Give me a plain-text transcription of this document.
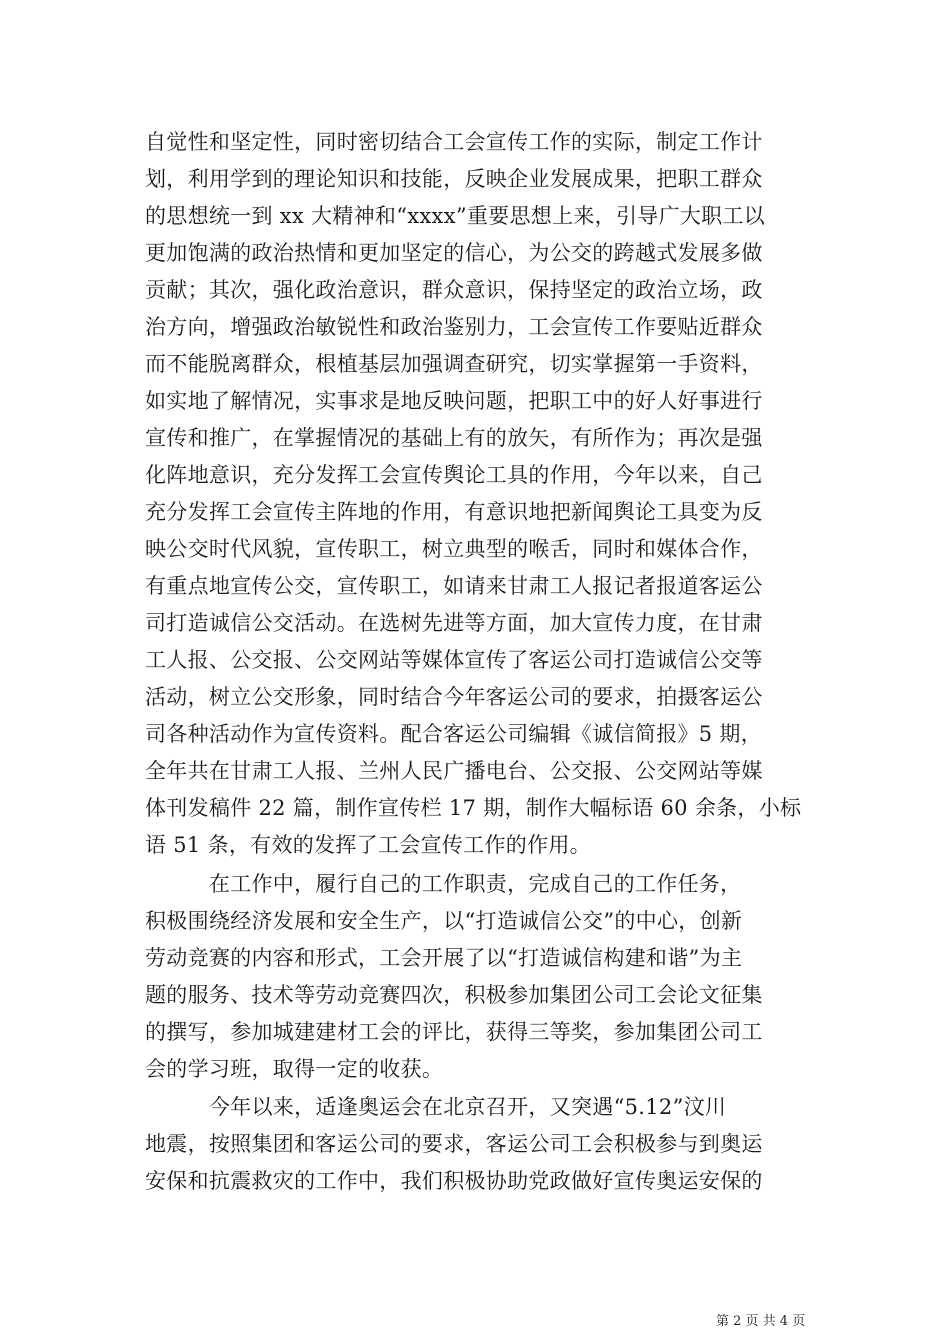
自觉性和坚定性，同时密切结合工会宣传工作的实际，制定工作计
划，利用学到的理论知识和技能，反映企业发展成果，把职工群众
的思想统一到 xx 大精神和“xxxx”重要思想上来，引导广大职工以
更加饱满的政治热情和更加坚定的信心，为公交的跨越式发展多做
贡献；其次，强化政治意识，群众意识，保持坚定的政治立场，政
治方向，增强政治敏锐性和政治鉴别力，工会宣传工作要贴近群众
而不能脱离群众，根植基层加强调查研究，切实掌握第一手资料，
如实地了解情况，实事求是地反映问题，把职工中的好人好事进行
宣传和推广，在掌握情况的基础上有的放矢，有所作为；再次是强
化阵地意识，充分发挥工会宣传舆论工具的作用，今年以来，自己
充分发挥工会宣传主阵地的作用，有意识地把新闻舆论工具变为反
映公交时代风貌，宣传职工，树立典型的喉舌，同时和媒体合作，
有重点地宣传公交，宣传职工，如请来甘肃工人报记者报道客运公
司打造诚信公交活动。在选树先进等方面，加大宣传力度，在甘肃
工人报、公交报、公交网站等媒体宣传了客运公司打造诚信公交等
活动，树立公交形象，同时结合今年客运公司的要求，拍摄客运公
司各种活动作为宣传资料。配合客运公司编辑《诚信简报》5 期，
全年共在甘肃工人报、兰州人民广播电台、公交报、公交网站等媒
体刊发稿件 22 篇，制作宣传栏 17 期，制作大幅标语 60 余条，小标
语 51 条，有效的发挥了工会宣传工作的作用。
　　　在工作中，履行自己的工作职责，完成自己的工作任务，
积极围绕经济发展和安全生产，以“打造诚信公交”的中心，创新
劳动竞赛的内容和形式，工会开展了以“打造诚信构建和谐”为主
题的服务、技术等劳动竞赛四次，积极参加集团公司工会论文征集
的撰写，参加城建建材工会的评比，获得三等奖，参加集团公司工
会的学习班，取得一定的收获。
　　　今年以来，适逢奥运会在北京召开，又突遇“5.12”汶川
地震，按照集团和客运公司的要求，客运公司工会积极参与到奥运
安保和抗震救灾的工作中，我们积极协助党政做好宣传奥运安保的
第 2 页 共 4 页
